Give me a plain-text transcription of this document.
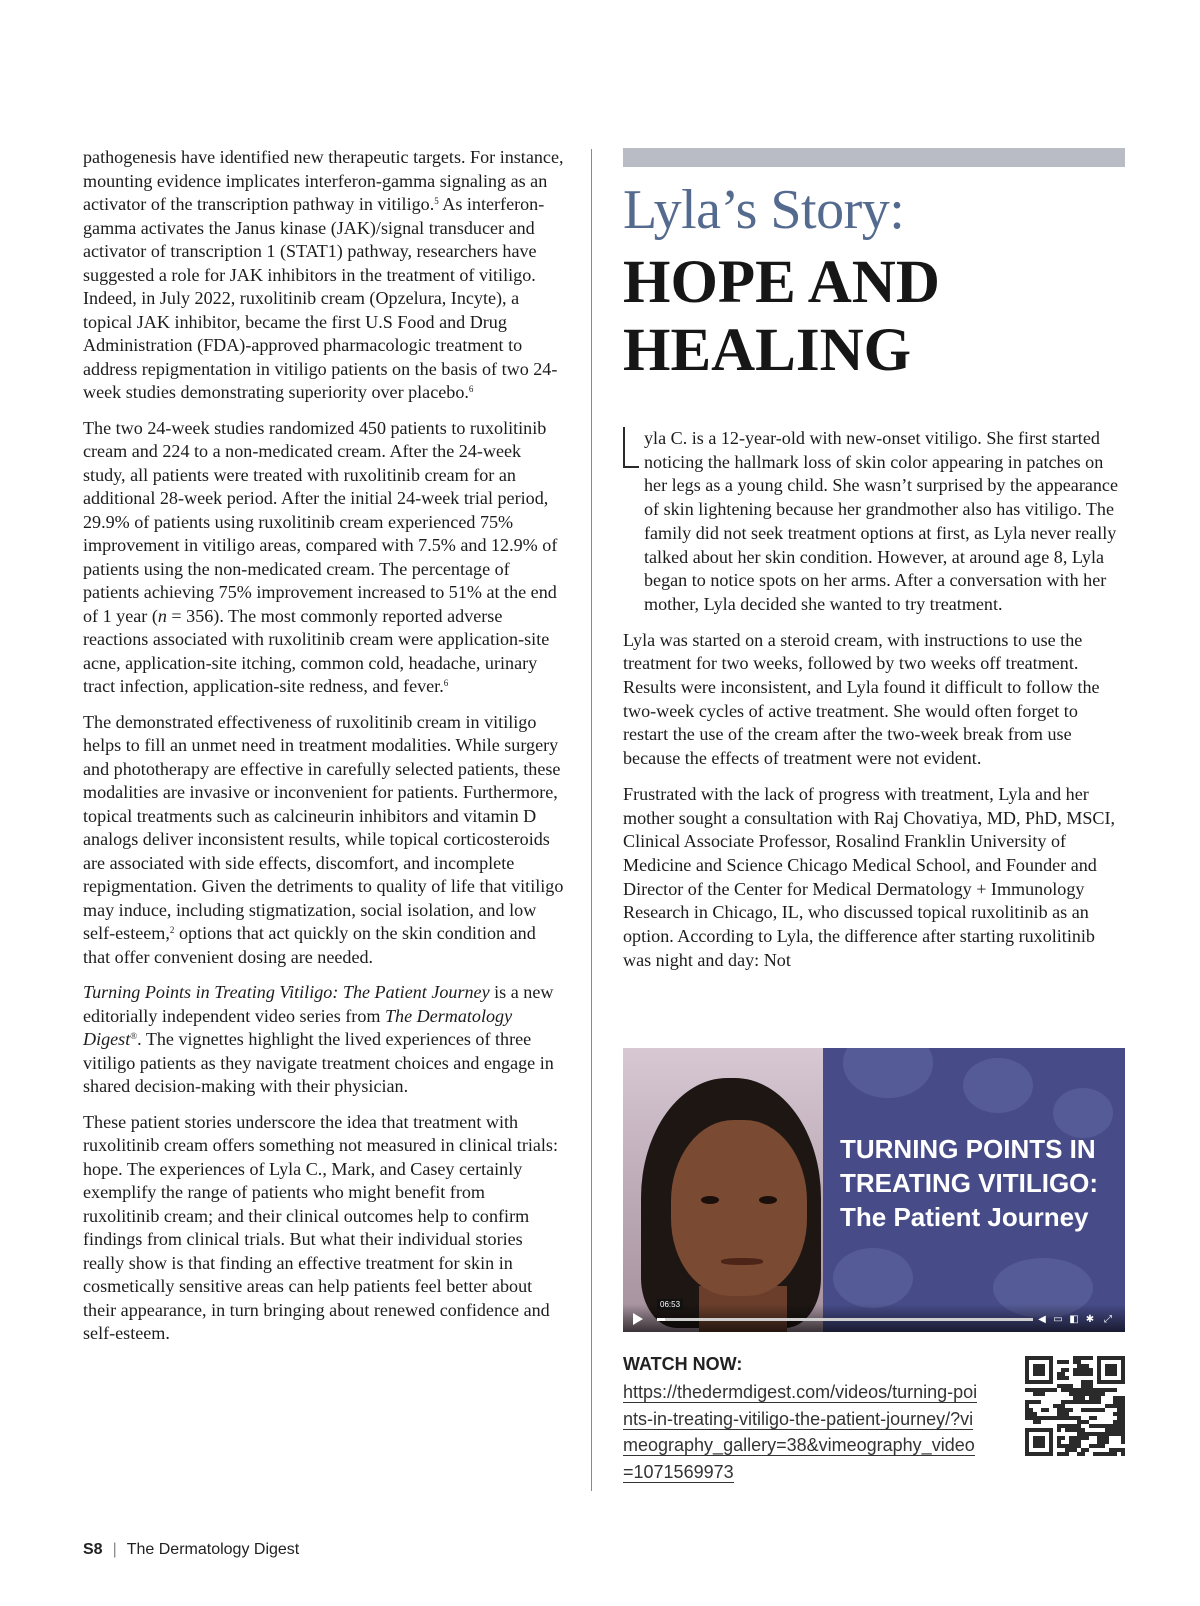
pathogenesis have identified new therapeutic targets. For instance, mounting evidence implicates interferon-gamma signaling as an activator of the transcription pathway in vitiligo.$^5$ As interferon-gamma activates the Janus kinase (JAK)/signal transducer and activator of transcription 1 (STAT1) pathway, researchers have suggested a role for JAK inhibitors in the treatment of vitiligo. Indeed, in July 2022, ruxolitinib cream (Opzelura, Incyte), a topical JAK inhibitor, became the first U.S Food and Drug Administration (FDA)-approved pharmacologic treatment to address repigmentation in vitiligo patients on the basis of two 24-week studies demonstrating superiority over placebo.$^6$

The two 24-week studies randomized 450 patients to ruxolitinib cream and 224 to a non-medicated cream. After the 24-week study, all patients were treated with ruxolitinib cream for an additional 28-week period. After the initial 24-week trial period, 29.9% of patients using ruxolitinib cream experienced 75% improvement in vitiligo areas, compared with 7.5% and 12.9% of patients using the non-medicated cream. The percentage of patients achieving 75% improvement increased to 51% at the end of 1 year (n = 356). The most commonly reported adverse reactions associated with ruxolitinib cream were application-site acne, application-site itching, common cold, headache, urinary tract infection, application-site redness, and fever.$^6$

The demonstrated effectiveness of ruxolitinib cream in vitiligo helps to fill an unmet need in treatment modalities. While surgery and phototherapy are effective in carefully selected patients, these modalities are invasive or inconvenient for patients. Furthermore, topical treatments such as calcineurin inhibitors and vitamin D analogs deliver inconsistent results, while topical corticosteroids are associated with side effects, discomfort, and incomplete repigmentation. Given the detriments to quality of life that vitiligo may induce, including stigmatization, social isolation, and low self-esteem,$^2$ options that act quickly on the skin condition and that offer convenient dosing are needed.

Turning Points in Treating Vitiligo: The Patient Journey is a new editorially independent video series from The Dermatology Digest®. The vignettes highlight the lived experiences of three vitiligo patients as they navigate treatment choices and engage in shared decision-making with their physician.

These patient stories underscore the idea that treatment with ruxolitinib cream offers something not measured in clinical trials: hope. The experiences of Lyla C., Mark, and Casey certainly exemplify the range of patients who might benefit from ruxolitinib cream; and their clinical outcomes help to confirm findings from clinical trials. But what their individual stories really show is that finding an effective treatment for skin in cosmetically sensitive areas can help patients feel better about their appearance, in turn bringing about renewed confidence and self-esteem.

Lyla’s Story:
HOPE AND
HEALING

yla C. is a 12-year-old with new-onset vitiligo. She first started noticing the hallmark loss of skin color appearing in patches on her legs as a young child. She wasn’t surprised by the appearance of skin lightening because her grandmother also has vitiligo. The family did not seek treatment options at first, as Lyla never really talked about her skin condition. However, at around age 8, Lyla began to notice spots on her arms. After a conversation with her mother, Lyla decided she wanted to try treatment.

Lyla was started on a steroid cream, with instructions to use the treatment for two weeks, followed by two weeks off treatment. Results were inconsistent, and Lyla found it difficult to follow the two-week cycles of active treatment. She would often forget to restart the use of the cream after the two-week break from use because the effects of treatment were not evident.

Frustrated with the lack of progress with treatment, Lyla and her mother sought a consultation with Raj Chovatiya, MD, PhD, MSCI, Clinical Associate Professor, Rosalind Franklin University of Medicine and Science Chicago Medical School, and Founder and Director of the Center for Medical Dermatology + Immunology Research in Chicago, IL, who discussed topical ruxolitinib as an option. According to Lyla, the difference after starting ruxolitinib was night and day: Not

TURNING POINTS IN
TREATING VITILIGO:
The Patient Journey
06:53
◀ ▭ ◧ ✱ ⤢

WATCH NOW:

https://thedermdigest.com/videos/turning-points-in-treating-vitiligo-the-patient-journey/?vimeography_gallery=38&vimeography_video=1071569973
S8 | The Dermatology Digest
